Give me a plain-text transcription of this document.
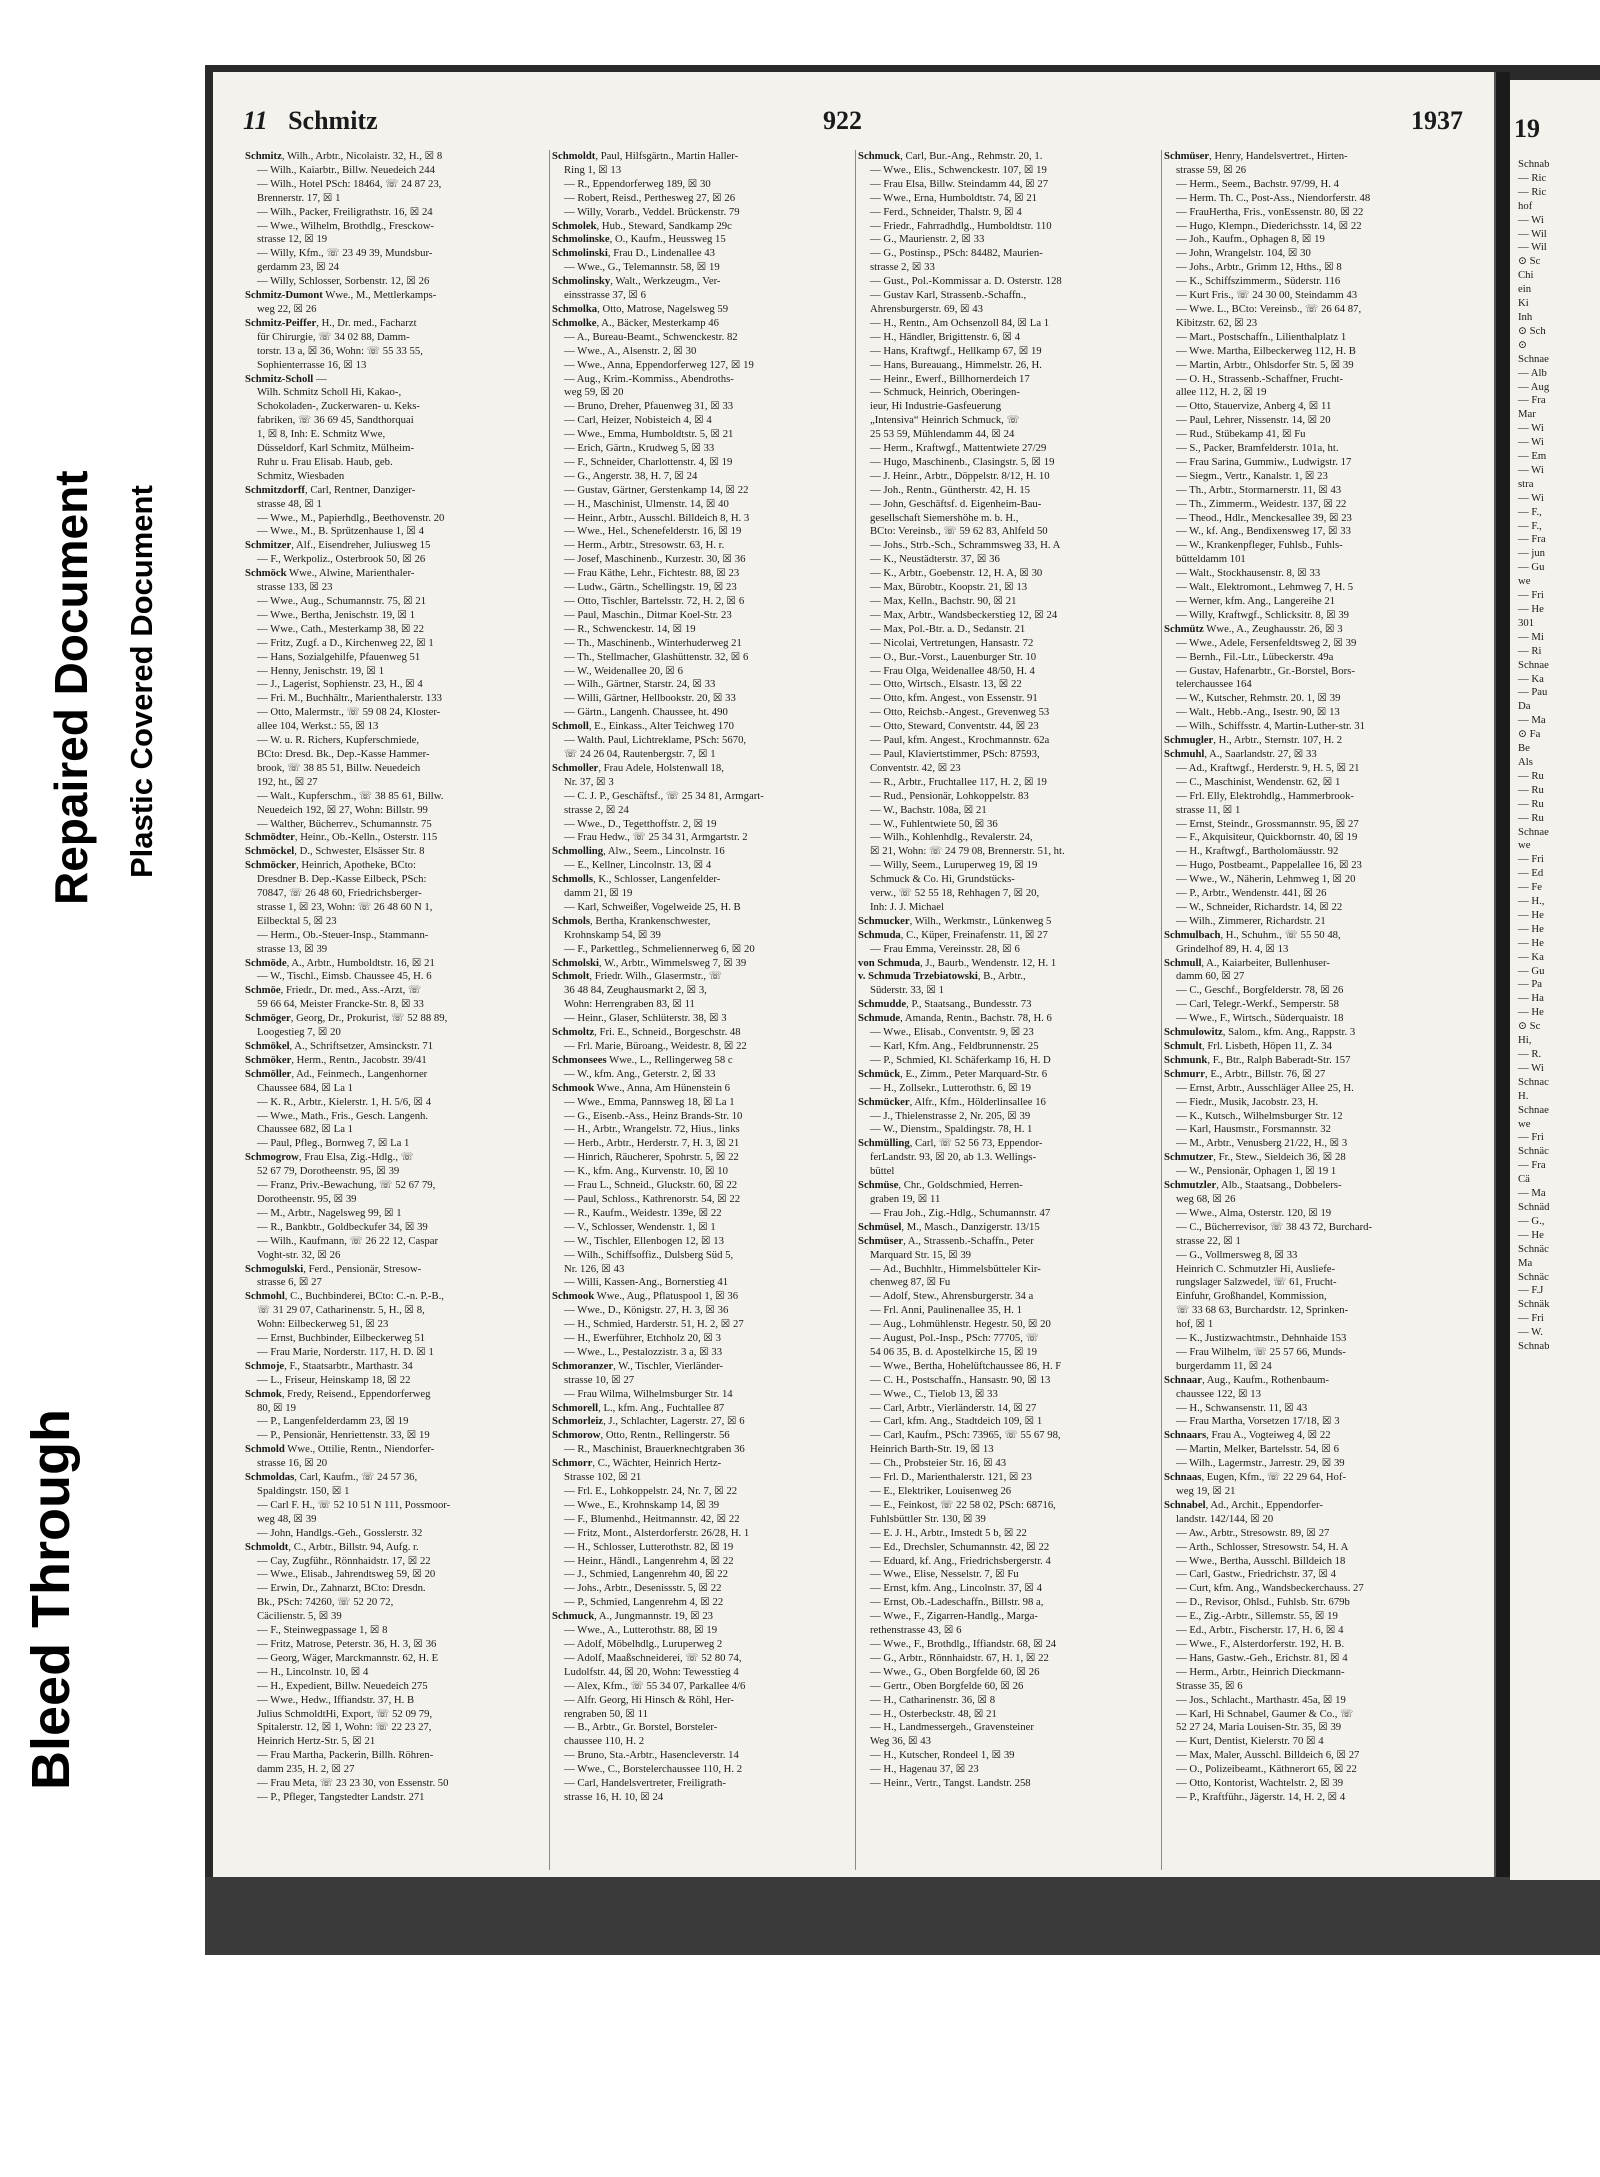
Repaired Document Plastic Covered Document
Bleed Through
11 Schmitz	922	1937
Schmitz, Wilh., Arbtr., Nicolaistr. 32, H., ☒ 8
— Wilh., Kaiarbtr., Billw. Neuedeich 244
— Wilh., Hotel PSch: 18464, ☏ 24 87 23,
Brennerstr. 17, ☒ 1
— Wilh., Packer, Freiligrathstr. 16, ☒ 24
— Wwe., Wilhelm, Brothdlg., Fresckow-
strasse 12, ☒ 19
— Willy, Kfm., ☏ 23 49 39, Mundsbur-
gerdamm 23, ☒ 24
— Willy, Schlosser, Sorbenstr. 12, ☒ 26
Schmitz-Dumont Wwe., M., Mettlerkamps-
weg 22, ☒ 26
Schmitz-Peiffer, H., Dr. med., Facharzt
für Chirurgie, ☏ 34 02 88, Damm-
torstr. 13 a, ☒ 36, Wohn: ☏ 55 33 55,
Sophienterrasse 16, ☒ 13
Schmitz-Scholl —
Wilh. Schmitz Scholl Hi, Kakao-,
Schokoladen-, Zuckerwaren- u. Keks-
fabriken, ☏ 36 69 45, Sandthorquai
1, ☒ 8, Inh: E. Schmitz Wwe,
Düsseldorf, Karl Schmitz, Mülheim-
Ruhr u. Frau Elisab. Haub, geb.
Schmitz, Wiesbaden
Schmitzdorff, Carl, Rentner, Danziger-
strasse 48, ☒ 1
— Wwe., M., Papierhdlg., Beethovenstr. 20
— Wwe., M., B. Sprützenhause 1, ☒ 4
Schmitzer, Alf., Eisendreher, Juliusweg 15
— F., Werkpoliz., Osterbrook 50, ☒ 26
Schmöck Wwe., Alwine, Marienthaler-
strasse 133, ☒ 23
— Wwe., Aug., Schumannstr. 75, ☒ 21
— Wwe., Bertha, Jenischstr. 19, ☒ 1
— Wwe., Cath., Mesterkamp 38, ☒ 22
— Fritz, Zugf. a D., Kirchenweg 22, ☒ 1
— Hans, Sozialgehilfe, Pfauenweg 51
— Henny, Jenischstr. 19, ☒ 1
— J., Lagerist, Sophienstr. 23, H., ☒ 4
— Fri. M., Buchhältr., Marienthalerstr. 133
— Otto, Malermstr., ☏ 59 08 24, Kloster-
allee 104, Werkst.: 55, ☒ 13
— W. u. R. Richers, Kupferschmiede,
BCto: Dresd. Bk., Dep.-Kasse Hammer-
brook, ☏ 38 85 51, Billw. Neuedeich
192, ht., ☒ 27
— Walt., Kupferschm., ☏ 38 85 61, Billw.
Neuedeich 192, ☒ 27, Wohn: Billstr. 99
— Walther, Bücherrev., Schumannstr. 75
Schmödter, Heinr., Ob.-Kelln., Osterstr. 115
Schmöckel, D., Schwester, Elsässer Str. 8
Schmöcker, Heinrich, Apotheke, BCto:
Dresdner B. Dep.-Kasse Eilbeck, PSch:
70847, ☏ 26 48 60, Friedrichsberger-
strasse 1, ☒ 23, Wohn: ☏ 26 48 60 N 1,
Eilbecktal 5, ☒ 23
— Herm., Ob.-Steuer-Insp., Stammann-
strasse 13, ☒ 39
Schmöde, A., Arbtr., Humboldtstr. 16, ☒ 21
— W., Tischl., Eimsb. Chaussee 45, H. 6
Schmöe, Friedr., Dr. med., Ass.-Arzt, ☏
59 66 64, Meister Francke-Str. 8, ☒ 33
Schmöger, Georg, Dr., Prokurist, ☏ 52 88 89,
Loogestieg 7, ☒ 20
Schmökel, A., Schriftsetzer, Amsinckstr. 71
Schmöker, Herm., Rentn., Jacobstr. 39/41
Schmöller, Ad., Feinmech., Langenhorner
Chaussee 684, ☒ La 1
— K. R., Arbtr., Kielerstr. 1, H. 5/6, ☒ 4
— Wwe., Math., Fris., Gesch. Langenh.
Chaussee 682, ☒ La 1
— Paul, Pfleg., Bornweg 7, ☒ La 1
Schmogrow, Frau Elsa, Zig.-Hdlg., ☏
52 67 79, Dorotheenstr. 95, ☒ 39
— Franz, Priv.-Bewachung, ☏ 52 67 79,
Dorotheenstr. 95, ☒ 39
— M., Arbtr., Nagelsweg 99, ☒ 1
— R., Bankbtr., Goldbeckufer 34, ☒ 39
— Wilh., Kaufmann, ☏ 26 22 12, Caspar
Voght-str. 32, ☒ 26
Schmogulski, Ferd., Pensionär, Stresow-
strasse 6, ☒ 27
Schmohl, C., Buchbinderei, BCto: C.-n. P.-B.,
☏ 31 29 07, Catharinenstr. 5, H., ☒ 8,
Wohn: Eilbeckerweg 51, ☒ 23
— Ernst, Buchbinder, Eilbeckerweg 51
— Frau Marie, Norderstr. 117, H. D. ☒ 1
Schmoje, F., Staatsarbtr., Marthastr. 34
— L., Friseur, Heinskamp 18, ☒ 22
Schmok, Fredy, Reisend., Eppendorferweg
80, ☒ 19
— P., Langenfelderdamm 23, ☒ 19
— P., Pensionär, Henriettenstr. 33, ☒ 19
Schmold Wwe., Ottilie, Rentn., Niendorfer-
strasse 16, ☒ 20
Schmoldas, Carl, Kaufm., ☏ 24 57 36,
Spaldingstr. 150, ☒ 1
— Carl F. H., ☏ 52 10 51 N 111, Possmoor-
weg 48, ☒ 39
— John, Handlgs.-Geh., Gosslerstr. 32
Schmoldt, C., Arbtr., Billstr. 94, Aufg. r.
— Cay, Zugführ., Rönnhaidstr. 17, ☒ 22
— Wwe., Elisab., Jahrendtsweg 59, ☒ 20
— Erwin, Dr., Zahnarzt, BCto: Dresdn.
Bk., PSch: 74260, ☏ 52 20 72,
Cäcilienstr. 5, ☒ 39
— F., Steinwegpassage 1, ☒ 8
— Fritz, Matrose, Peterstr. 36, H. 3, ☒ 36
— Georg, Wäger, Marckmannstr. 62, H. E
— H., Lincolnstr. 10, ☒ 4
— H., Expedient, Billw. Neuedeich 275
— Wwe., Hedw., Iffiandstr. 37, H. B
Julius SchmoldtHi, Export, ☏ 52 09 79,
Spitalerstr. 12, ☒ 1, Wohn: ☏ 22 23 27,
Heinrich Hertz-Str. 5, ☒ 21
— Frau Martha, Packerin, Billh. Röhren-
damm 235, H. 2, ☒ 27
— Frau Meta, ☏ 23 23 30, von Essenstr. 50
— P., Pfleger, Tangstedter Landstr. 271
Schmoldt, Paul, Hilfsgärtn., Martin Haller-
Ring 1, ☒ 13
— R., Eppendorferweg 189, ☒ 30
— Robert, Reisd., Perthesweg 27, ☒ 26
— Willy, Vorarb., Veddel. Brückenstr. 79
Schmolek, Hub., Steward, Sandkamp 29c
Schmolinske, O., Kaufm., Heussweg 15
Schmolinski, Frau D., Lindenallee 43
— Wwe., G., Telemannstr. 58, ☒ 19
Schmolinsky, Walt., Werkzeugm., Ver-
einsstrasse 37, ☒ 6
Schmolka, Otto, Matrose, Nagelsweg 59
Schmolke, A., Bäcker, Mesterkamp 46
— A., Bureau-Beamt., Schwenckestr. 82
— Wwe., A., Alsenstr. 2, ☒ 30
— Wwe., Anna, Eppendorferweg 127, ☒ 19
— Aug., Krim.-Kommiss., Abendroths-
weg 59, ☒ 20
— Bruno, Dreher, Pfauenweg 31, ☒ 33
— Carl, Heizer, Nobisteich 4, ☒ 4
— Wwe., Emma, Humboldtstr. 5, ☒ 21
— Erich, Gärtn., Krudweg 5, ☒ 33
— F., Schneider, Charlottenstr. 4, ☒ 19
— G., Angerstr. 38, H. 7, ☒ 24
— Gustav, Gärtner, Gerstenkamp 14, ☒ 22
— H., Maschinist, Ulmenstr. 14, ☒ 40
— Heinr., Arbtr., Ausschl. Billdeich 8, H. 3
— Wwe., Hel., Schenefelderstr. 16, ☒ 19
— Herm., Arbtr., Stresowstr. 63, H. r.
— Josef, Maschinenb., Kurzestr. 30, ☒ 36
— Frau Käthe, Lehr., Fichtestr. 88, ☒ 23
— Ludw., Gärtn., Schellingstr. 19, ☒ 23
— Otto, Tischler, Bartelsstr. 72, H. 2, ☒ 6
— Paul, Maschin., Ditmar Koel-Str. 23
— R., Schwenckestr. 14, ☒ 19
— Th., Maschinenb., Winterhuderweg 21
— Th., Stellmacher, Glashüttenstr. 32, ☒ 6
— W., Weidenallee 20, ☒ 6
— Wilh., Gärtner, Starstr. 24, ☒ 33
— Willi, Gärtner, Hellbookstr. 20, ☒ 33
— Gärtn., Langenh. Chaussee, ht. 490
Schmoll, E., Einkass., Alter Teichweg 170
— Walth. Paul, Lichtreklame, PSch: 5670,
☏ 24 26 04, Rautenbergstr. 7, ☒ 1
Schmoller, Frau Adele, Holstenwall 18,
Nr. 37, ☒ 3
— C. J. P., Geschäftsf., ☏ 25 34 81, Armgart-
strasse 2, ☒ 24
— Wwe., D., Tegetthoffstr. 2, ☒ 19
— Frau Hedw., ☏ 25 34 31, Armgartstr. 2
Schmolling, Alw., Seem., Lincolnstr. 16
— E., Kellner, Lincolnstr. 13, ☒ 4
Schmolls, K., Schlosser, Langenfelder-
damm 21, ☒ 19
— Karl, Schweißer, Vogelweide 25, H. B
Schmols, Bertha, Krankenschwester,
Krohnskamp 54, ☒ 39
— F., Parkettleg., Schmeliennerweg 6, ☒ 20
Schmolski, W., Arbtr., Wimmelsweg 7, ☒ 39
Schmolt, Friedr. Wilh., Glasermstr., ☏
36 48 84, Zeughausmarkt 2, ☒ 3,
Wohn: Herrengraben 83, ☒ 11
— Heinr., Glaser, Schlüterstr. 38, ☒ 3
Schmoltz, Fri. E., Schneid., Borgeschstr. 48
— Frl. Marie, Büroang., Weidestr. 8, ☒ 22
Schmonsees Wwe., L., Rellingerweg 58 c
— W., kfm. Ang., Geterstr. 2, ☒ 33
Schmook Wwe., Anna, Am Hünenstein 6
— Wwe., Emma, Pannsweg 18, ☒ La 1
— G., Eisenb.-Ass., Heinz Brands-Str. 10
— H., Arbtr., Wrangelstr. 72, Hius., links
— Herb., Arbtr., Herderstr. 7, H. 3, ☒ 21
— Hinrich, Räucherer, Spohrstr. 5, ☒ 22
— K., kfm. Ang., Kurvenstr. 10, ☒ 10
— Frau L., Schneid., Gluckstr. 60, ☒ 22
— Paul, Schloss., Kathrenorstr. 54, ☒ 22
— R., Kaufm., Weidestr. 139e, ☒ 22
— V., Schlosser, Wendenstr. 1, ☒ 1
— W., Tischler, Ellenbogen 12, ☒ 13
— Wilh., Schiffsoffiz., Dulsberg Süd 5,
Nr. 126, ☒ 43
— Willi, Kassen-Ang., Bornerstieg 41
Schmook Wwe., Aug., Pflatuspool 1, ☒ 36
— Wwe., D., Königstr. 27, H. 3, ☒ 36
— H., Schmied, Harderstr. 51, H. 2, ☒ 27
— H., Ewerführer, Etchholz 20, ☒ 3
— Wwe., L., Pestalozzistr. 3 a, ☒ 33
Schmoranzer, W., Tischler, Vierländer-
strasse 10, ☒ 27
— Frau Wilma, Wilhelmsburger Str. 14
Schmorell, L., kfm. Ang., Fuchtallee 87
Schmorleiz, J., Schlachter, Lagerstr. 27, ☒ 6
Schmorow, Otto, Rentn., Rellingerstr. 56
— R., Maschinist, Brauerknechtgraben 36
Schmorr, C., Wächter, Heinrich Hertz-
Strasse 102, ☒ 21
— Frl. E., Lohkoppelstr. 24, Nr. 7, ☒ 22
— Wwe., E., Krohnskamp 14, ☒ 39
— F., Blumenhd., Heitmannstr. 42, ☒ 22
— Fritz, Mont., Alsterdorferstr. 26/28, H. 1
— H., Schlosser, Lutterothstr. 82, ☒ 19
— Heinr., Händl., Langenrehm 4, ☒ 22
— J., Schmied, Langenrehm 40, ☒ 22
— Johs., Arbtr., Desenissstr. 5, ☒ 22
— P., Schmied, Langenrehm 4, ☒ 22
Schmuck, A., Jungmannstr. 19, ☒ 23
— Wwe., A., Lutterothstr. 88, ☒ 19
— Adolf, Möbelhdlg., Luruperweg 2
— Adolf, Maaßschneiderei, ☏ 52 80 74,
Ludolfstr. 44, ☒ 20, Wohn: Tewesstieg 4
— Alex, Kfm., ☏ 55 34 07, Parkallee 4/6
— Alfr. Georg, Hi Hinsch & Röhl, Her-
rengraben 50, ☒ 11
— B., Arbtr., Gr. Borstel, Borsteler-
chaussee 110, H. 2
— Bruno, Sta.-Arbtr., Hasencleverstr. 14
— Wwe., C., Borstelerchaussee 110, H. 2
— Carl, Handelsvertreter, Freiligrath-
strasse 16, H. 10, ☒ 24
Schmuck, Carl, Bur.-Ang., Rehmstr. 20, 1.
— Wwe., Elis., Schwenckestr. 107, ☒ 19
— Frau Elsa, Billw. Steindamm 44, ☒ 27
— Wwe., Erna, Humboldtstr. 74, ☒ 21
— Ferd., Schneider, Thalstr. 9, ☒ 4
— Friedr., Fahrradhdlg., Humboldtstr. 110
— G., Maurienstr. 2, ☒ 33
— G., Postinsp., PSch: 84482, Maurien-
strasse 2, ☒ 33
— Gust., Pol.-Kommissar a. D. Osterstr. 128
— Gustav Karl, Strassenb.-Schaffn.,
Ahrensburgerstr. 69, ☒ 43
— H., Rentn., Am Ochsenzoll 84, ☒ La 1
— H., Händler, Brigittenstr. 6, ☒ 4
— Hans, Kraftwgf., Hellkamp 67, ☒ 19
— Hans, Bureauang., Himmelstr. 26, H.
— Heinr., Ewerf., Billhornerdeich 17
— Schmuck, Heinrich, Oberingen-
ieur, Hi Industrie-Gasfeuerung
„Intensiva“ Heinrich Schmuck, ☏
25 53 59, Mühlendamm 44, ☒ 24
— Herm., Kraftwgf., Mattentwiete 27/29
— Hugo, Maschinenb., Clasingstr. 5, ☒ 19
— J. Heinr., Arbtr., Döppelstr. 8/12, H. 10
— Joh., Rentn., Güntherstr. 42, H. 15
— John, Geschäftsf. d. Eigenheim-Bau-
gesellschaft Siemershöhe m. b. H.,
BCto: Vereinsb., ☏ 59 62 83, Ahlfeld 50
— Johs., Strb.-Sch., Schrammsweg 33, H. A
— K., Neustädterstr. 37, ☒ 36
— K., Arbtr., Goebenstr. 12, H. A, ☒ 30
— Max, Bürobtr., Koopstr. 21, ☒ 13
— Max, Kelln., Bachstr. 90, ☒ 21
— Max, Arbtr., Wandsbeckerstieg 12, ☒ 24
— Max, Pol.-Btr. a. D., Sedanstr. 21
— Nicolai, Vertretungen, Hansastr. 72
— O., Bur.-Vorst., Lauenburger Str. 10
— Frau Olga, Weidenallee 48/50, H. 4
— Otto, Wirtsch., Elsastr. 13, ☒ 22
— Otto, kfm. Angest., von Essenstr. 91
— Otto, Reichsb.-Angest., Grevenweg 53
— Otto, Steward, Conventstr. 44, ☒ 23
— Paul, kfm. Angest., Krochmannstr. 62a
— Paul, Klaviertstimmer, PSch: 87593,
Conventstr. 42, ☒ 23
— R., Arbtr., Fruchtallee 117, H. 2, ☒ 19
— Rud., Pensionär, Lohkoppelstr. 83
— W., Bachstr. 108a, ☒ 21
— W., Fuhlentwiete 50, ☒ 36
— Wilh., Kohlenhdlg., Revalerstr. 24,
☒ 21, Wohn: ☏ 24 79 08, Brennerstr. 51, ht.
— Willy, Seem., Luruperweg 19, ☒ 19
Schmuck & Co. Hi, Grundstücks-
verw., ☏ 52 55 18, Rehhagen 7, ☒ 20,
Inh: J. J. Michael
Schmucker, Wilh., Werkmstr., Lünkenweg 5
Schmuda, C., Küper, Freinafenstr. 11, ☒ 27
— Frau Emma, Vereinsstr. 28, ☒ 6
von Schmuda, J., Baurb., Wendenstr. 12, H. 1
v. Schmuda Trzebiatowski, B., Arbtr.,
Süderstr. 33, ☒ 1
Schmudde, P., Staatsang., Bundesstr. 73
Schmude, Amanda, Rentn., Bachstr. 78, H. 6
— Wwe., Elisab., Conventstr. 9, ☒ 23
— Karl, Kfm. Ang., Feldbrunnenstr. 25
— P., Schmied, Kl. Schäferkamp 16, H. D
Schmück, E., Zimm., Peter Marquard-Str. 6
— H., Zollsekr., Lutterothstr. 6, ☒ 19
Schmücker, Alfr., Kfm., Hölderlinsallee 16
— J., Thielenstrasse 2, Nr. 205, ☒ 39
— W., Dienstm., Spaldingstr. 78, H. 1
Schmülling, Carl, ☏ 52 56 73, Eppendor-
ferLandstr. 93, ☒ 20, ab 1.3. Wellings-
büttel
Schmüse, Chr., Goldschmied, Herren-
graben 19, ☒ 11
— Frau Joh., Zig.-Hdlg., Schumannstr. 47
Schmüsel, M., Masch., Danzigerstr. 13/15
Schmüser, A., Strassenb.-Schaffn., Peter
Marquard Str. 15, ☒ 39
— Ad., Buchhltr., Himmelsbütteler Kir-
chenweg 87, ☒ Fu
— Adolf, Stew., Ahrensburgerstr. 34 a
— Frl. Anni, Paulinenallee 35, H. 1
— Aug., Lohmühlenstr. Hegestr. 50, ☒ 20
— August, Pol.-Insp., PSch: 77705, ☏
54 06 35, B. d. Apostelkirche 15, ☒ 19
— Wwe., Bertha, Hohelüftchaussee 86, H. F
— C. H., Postschaffn., Hansastr. 90, ☒ 13
— Wwe., C., Tielob 13, ☒ 33
— Carl, Arbtr., Vierländerstr. 14, ☒ 27
— Carl, kfm. Ang., Stadtdeich 109, ☒ 1
— Carl, Kaufm., PSch: 73965, ☏ 55 67 98,
Heinrich Barth-Str. 19, ☒ 13
— Ch., Probsteier Str. 16, ☒ 43
— Frl. D., Marienthalerstr. 121, ☒ 23
— E., Elektriker, Louisenweg 26
— E., Feinkost, ☏ 22 58 02, PSch: 68716,
Fuhlsbüttler Str. 130, ☒ 39
— E. J. H., Arbtr., Imstedt 5 b, ☒ 22
— Ed., Drechsler, Schumannstr. 42, ☒ 22
— Eduard, kf. Ang., Friedrichsbergerstr. 4
— Wwe., Elise, Nesselstr. 7, ☒ Fu
— Ernst, kfm. Ang., Lincolnstr. 37, ☒ 4
— Ernst, Ob.-Ladeschaffn., Billstr. 98 a,
— Wwe., F., Zigarren-Handlg., Marga-
rethenstrasse 43, ☒ 6
— Wwe., F., Brothdlg., Iffiandstr. 68, ☒ 24
— G., Arbtr., Rönnhaidstr. 67, H. 1, ☒ 22
— Wwe., G., Oben Borgfelde 60, ☒ 26
— Gertr., Oben Borgfelde 60, ☒ 26
— H., Catharinenstr. 36, ☒ 8
— H., Osterbeckstr. 48, ☒ 21
— H., Landmessergeh., Gravensteiner
Weg 36, ☒ 43
— H., Kutscher, Rondeel 1, ☒ 39
— H., Hagenau 37, ☒ 23
— Heinr., Vertr., Tangst. Landstr. 258
Schmüser, Henry, Handelsvertret., Hirten-
strasse 59, ☒ 26
— Herm., Seem., Bachstr. 97/99, H. 4
— Herm. Th. C., Post-Ass., Niendorferstr. 48
— FrauHertha, Fris., vonEssenstr. 80, ☒ 22
— Hugo, Klempn., Diederichsstr. 14, ☒ 22
— Joh., Kaufm., Ophagen 8, ☒ 19
— John, Wrangelstr. 104, ☒ 30
— Johs., Arbtr., Grimm 12, Hths., ☒ 8
— K., Schiffszimmerm., Süderstr. 116
— Kurt Fris., ☏ 24 30 00, Steindamm 43
— Wwe. L., BCto: Vereinsb., ☏ 26 64 87,
Kibitzstr. 62, ☒ 23
— Mart., Postschaffn., Lilienthalplatz 1
— Wwe. Martha, Eilbeckerweg 112, H. B
— Martin, Arbtr., Ohlsdorfer Str. 5, ☒ 39
— O. H., Strassenb.-Schaffner, Frucht-
allee 112, H. 2, ☒ 19
— Otto, Stauervize, Anberg 4, ☒ 11
— Paul, Lehrer, Nissenstr. 14, ☒ 20
— Rud., Stübekamp 41, ☒ Fu
— S., Packer, Bramfelderstr. 101a, ht.
— Frau Sarina, Gummiw., Ludwigstr. 17
— Siegm., Vertr., Kanalstr. 1, ☒ 23
— Th., Arbtr., Stormarnerstr. 11, ☒ 43
— Th., Zimmerm., Weidestr. 137, ☒ 22
— Theod., Hdlr., Menckesallee 39, ☒ 23
— W., kf. Ang., Bendixensweg 17, ☒ 33
— W., Krankenpfleger, Fuhlsb., Fuhls-
bütteldamm 101
— Walt., Stockhausenstr. 8, ☒ 33
— Walt., Elektromont., Lehmweg 7, H. 5
— Werner, kfm. Ang., Langereihe 21
— Willy, Kraftwgf., Schlicksitr. 8, ☒ 39
Schmütz Wwe., A., Zeughausstr. 26, ☒ 3
— Wwe., Adele, Fersenfeldtsweg 2, ☒ 39
— Bernh., Fil.-Ltr., Lübeckerstr. 49a
— Gustav, Hafenarbtr., Gr.-Borstel, Bors-
telerchaussee 164
— W., Kutscher, Rehmstr. 20. 1, ☒ 39
— Walt., Hebb.-Ang., Isestr. 90, ☒ 13
— Wilh., Schiffsstr. 4, Martin-Luther-str. 31
Schmugler, H., Arbtr., Sternstr. 107, H. 2
Schmuhl, A., Saarlandstr. 27, ☒ 33
— Ad., Kraftwgf., Herderstr. 9, H. 5, ☒ 21
— C., Maschinist, Wendenstr. 62, ☒ 1
— Frl. Elly, Elektrohdlg., Hammerbrook-
strasse 11, ☒ 1
— Ernst, Steindr., Grossmannstr. 95, ☒ 27
— F., Akquisiteur, Quickbornstr. 40, ☒ 19
— H., Kraftwgf., Bartholomäusstr. 92
— Hugo, Postbeamt., Pappelallee 16, ☒ 23
— Wwe., W., Näherin, Lehmweg 1, ☒ 20
— P., Arbtr., Wendenstr. 441, ☒ 26
— W., Schneider, Richardstr. 14, ☒ 22
— Wilh., Zimmerer, Richardstr. 21
Schmulbach, H., Schuhm., ☏ 55 50 48,
Grindelhof 89, H. 4, ☒ 13
Schmull, A., Kaiarbeiter, Bullenhuser-
damm 60, ☒ 27
— C., Geschf., Borgfelderstr. 78, ☒ 26
— Carl, Telegr.-Werkf., Semperstr. 58
— Wwe., F., Wirtsch., Süderquaistr. 18
Schmulowitz, Salom., kfm. Ang., Rappstr. 3
Schmult, Frl. Lisbeth, Höpen 11, Z. 34
Schmunk, F., Btr., Ralph Baberadt-Str. 157
Schmurr, E., Arbtr., Billstr. 76, ☒ 27
— Ernst, Arbtr., Ausschläger Allee 25, H.
— Fiedr., Musik, Jacobstr. 23, H.
— K., Kutsch., Wilhelmsburger Str. 12
— Karl, Hausmstr., Forsmannstr. 32
— M., Arbtr., Venusberg 21/22, H., ☒ 3
Schmutzer, Fr., Stew., Sieldeich 36, ☒ 28
— W., Pensionär, Ophagen 1, ☒ 19 1
Schmutzler, Alb., Staatsang., Dobbelers-
weg 68, ☒ 26
— Wwe., Alma, Osterstr. 120, ☒ 19
— C., Bücherrevisor, ☏ 38 43 72, Burchard-
strasse 22, ☒ 1
— G., Vollmersweg 8, ☒ 33
Heinrich C. Schmutzler Hi, Ausliefe-
rungslager Salzwedel, ☏ 61, Frucht-
Einfuhr, Großhandel, Kommission,
☏ 33 68 63, Burchardstr. 12, Sprinken-
hof, ☒ 1
— K., Justizwachtmstr., Dehnhaide 153
— Frau Wilhelm, ☏ 25 57 66, Munds-
burgerdamm 11, ☒ 24
Schnaar, Aug., Kaufm., Rothenbaum-
chaussee 122, ☒ 13
— H., Schwansenstr. 11, ☒ 43
— Frau Martha, Vorsetzen 17/18, ☒ 3
Schnaars, Frau A., Vogteiweg 4, ☒ 22
— Martin, Melker, Bartelsstr. 54, ☒ 6
— Wilh., Lagermstr., Jarrestr. 29, ☒ 39
Schnaas, Eugen, Kfm., ☏ 22 29 64, Hof-
weg 19, ☒ 21
Schnabel, Ad., Archit., Eppendorfer-
landstr. 142/144, ☒ 20
— Aw., Arbtr., Stresowstr. 89, ☒ 27
— Arth., Schlosser, Stresowstr. 54, H. A
— Wwe., Bertha, Ausschl. Billdeich 18
— Carl, Gastw., Friedrichstr. 37, ☒ 4
— Curt, kfm. Ang., Wandsbeckerchauss. 27
— D., Revisor, Ohlsd., Fuhlsb. Str. 679b
— E., Zig.-Arbtr., Sillemstr. 55, ☒ 19
— Ed., Arbtr., Fischerstr. 17, H. 6, ☒ 4
— Wwe., F., Alsterdorferstr. 192, H. B.
— Hans, Gastw.-Geh., Erichstr. 81, ☒ 4
— Herm., Arbtr., Heinrich Dieckmann-
Strasse 35, ☒ 6
— Jos., Schlacht., Marthastr. 45a, ☒ 19
— Karl, Hi Schnabel, Gaumer & Co., ☏
52 27 24, Maria Louisen-Str. 35, ☒ 39
— Kurt, Dentist, Kielerstr. 70 ☒ 4
— Max, Maler, Ausschl. Billdeich 6, ☒ 27
— O., Polizeibeamt., Käthnerort 65, ☒ 22
— Otto, Kontorist, Wachtelstr. 2, ☒ 39
— P., Kraftführ., Jägerstr. 14, H. 2, ☒ 4
19
Schnab
— Ric
— Ric
hof
— Wi
— Wil
— Wil
⊙ Sc
Chi
ein
Ki
Inh
⊙ Sch
⊙
Schnae
— Alb
— Aug
— Fra
Mar
— Wi
— Wi
— Em
— Wi
stra
— Wi
— F.,
— F.,
— Fra
— jun
— Gu
we
— Fri
— He
301
— Mi
— Ri
Schnae
— Ka
— Pau
Da
— Ma
⊙ Fa
Be
Als
— Ru
— Ru
— Ru
— Ru
Schnae
we
— Fri
— Ed
— Fe
— H.,
— He
— He
— He
— Ka
— Gu
— Pa
— Ha
— He
⊙ Sc
Hi,
— R.
— Wi
Schnac
H.
Schnae
we
— Fri
Schnäc
— Fra
Cä
— Ma
Schnäd
— G.,
— He
Schnäc
Ma
Schnäc
— F.J
Schnäk
— Fri
— W.
Schnab
